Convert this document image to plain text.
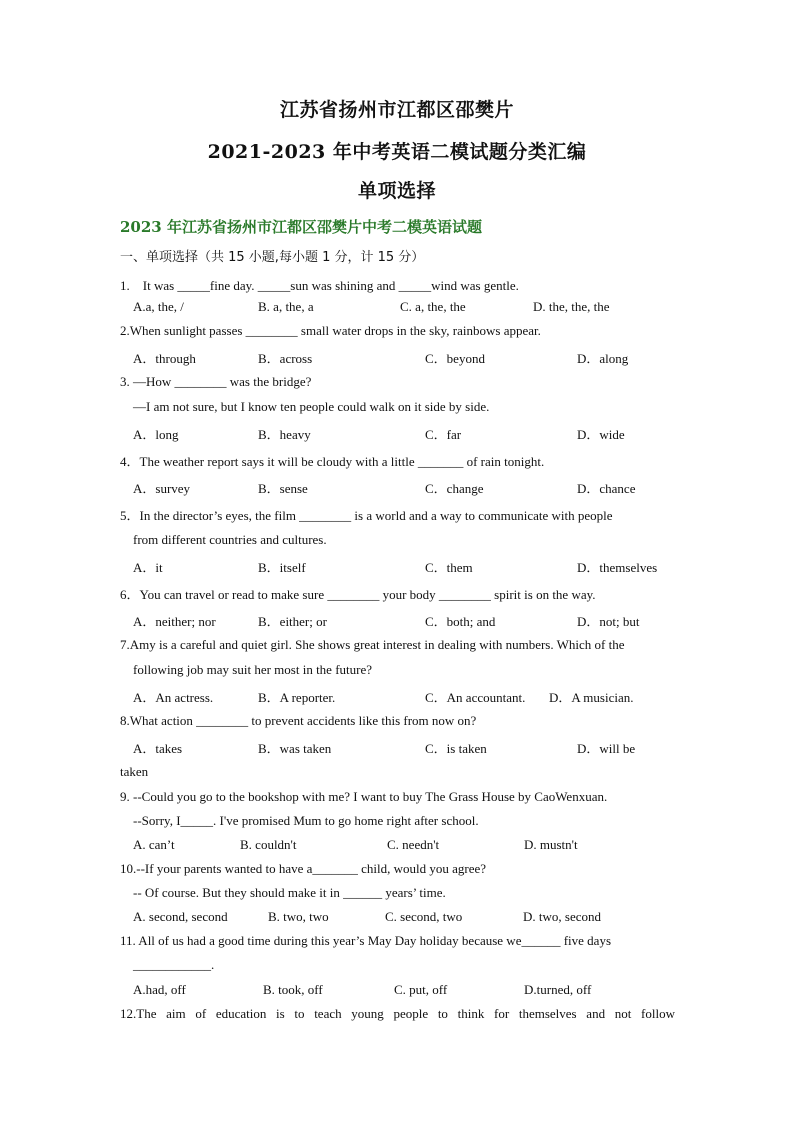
江苏省扬州市江都区邵樊片
2021-2023 年中考英语二模试题分类汇编
单项选择
2023 年江苏省扬州市江都区邵樊片中考二模英语试题
一、单项选择（共 15 小题,每小题 1 分，计 15 分）
1.　It was _____fine day. _____sun was shining and _____wind was gentle.
A.a, the, /	B. a, the, a	C. a, the, the	D. the, the, the
2.When sunlight passes ________ small water drops in the sky, rainbows appear.
A．through	B．across	C．beyond	D．along
3. —How ________ was the bridge?
—I am not sure, but I know ten people could walk on it side by side.
A．long	B．heavy	C．far	D．wide
4．The weather report says it will be cloudy with a little _______ of rain tonight.
A．survey	B．sense	C．change	D．chance
5．In the director’s eyes, the film ________ is a world and a way to communicate with people
from different countries and cultures.
A．it	B．itself	C．them	D．themselves
6．You can travel or read to make sure ________ your body ________ spirit is on the way.
A．neither; nor	B．either; or	C．both; and	D．not; but
7.Amy is a careful and quiet girl. She shows great interest in dealing with numbers. Which of the
following job may suit her most in the future?
A．An actress.	B．A reporter.	C．An accountant. D．A musician.
8.What action ________ to prevent accidents like this from now on?
A．takes	B．was taken	C．is taken	D．will be
taken
9. --Could you go to the bookshop with me? I want to buy The Grass House by CaoWenxuan.
--Sorry, I_____. I've promised Mum to go home right after school.
A. can’t	B. couldn't	C. needn't	D. mustn't
10.--If your parents wanted to have a_______ child, would you agree?
-- Of course. But they should make it in ______ years’ time.
A. second, second	B. two, two	C. second, two	D. two, second
11. All of us had a good time during this year’s May Day holiday because we______ five days
____________.
A.had, off	B. took, off	C. put, off	D.turned, off
12.The aim of education is to teach young people to think for themselves and not follow
